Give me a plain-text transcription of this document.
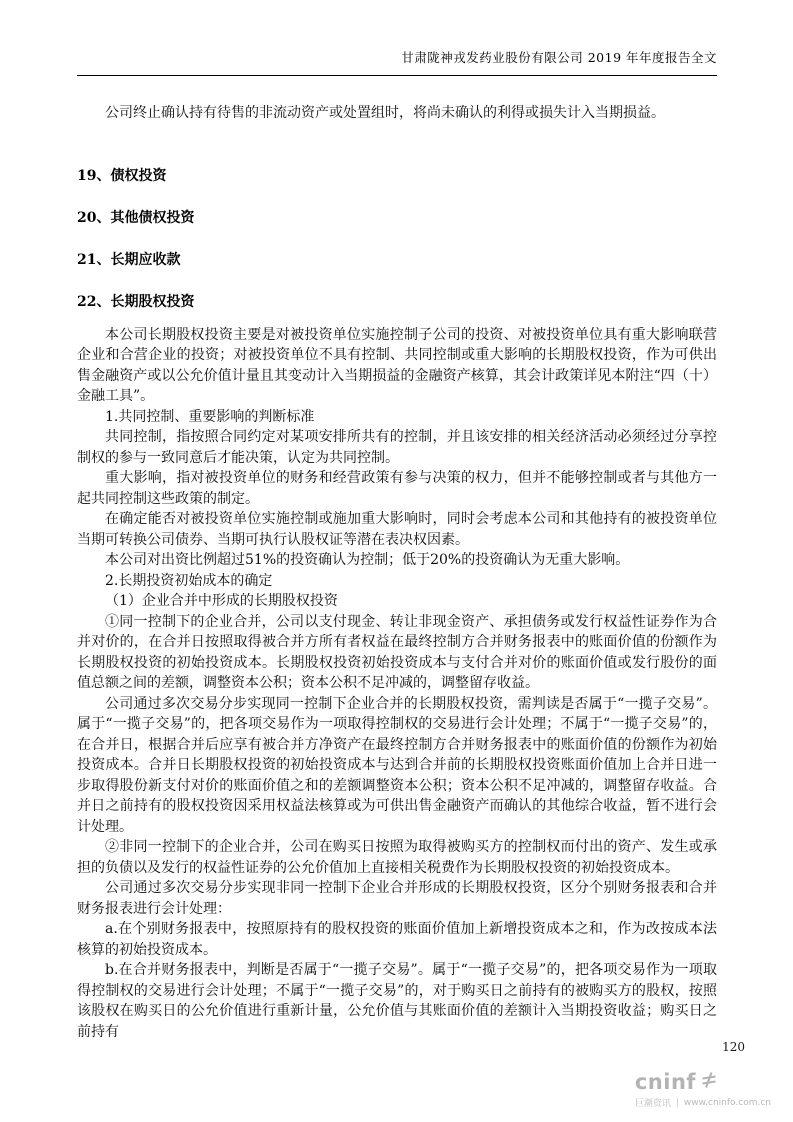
甘肃陇神戎发药业股份有限公司 2019 年年度报告全文

公司终止确认持有待售的非流动资产或处置组时，将尚未确认的利得或损失计入当期损益。

19、债权投资
20、其他债权投资
21、长期应收款
22、长期股权投资

本公司长期股权投资主要是对被投资单位实施控制子公司的投资、对被投资单位具有重大影响联营企业和合营企业的投资；对被投资单位不具有控制、共同控制或重大影响的长期股权投资，作为可供出售金融资产或以公允价值计量且其变动计入当期损益的金融资产核算，其会计政策详见本附注“四（十）金融工具”。

1.共同控制、重要影响的判断标准

共同控制，指按照合同约定对某项安排所共有的控制，并且该安排的相关经济活动必须经过分享控制权的参与一致同意后才能决策，认定为共同控制。

重大影响，指对被投资单位的财务和经营政策有参与决策的权力，但并不能够控制或者与其他方一起共同控制这些政策的制定。

在确定能否对被投资单位实施控制或施加重大影响时，同时会考虑本公司和其他持有的被投资单位当期可转换公司债券、当期可执行认股权证等潜在表决权因素。

本公司对出资比例超过51%的投资确认为控制；低于20%的投资确认为无重大影响。

2.长期投资初始成本的确定

（1）企业合并中形成的长期股权投资

①同一控制下的企业合并，公司以支付现金、转让非现金资产、承担债务或发行权益性证券作为合并对价的，在合并日按照取得被合并方所有者权益在最终控制方合并财务报表中的账面价值的份额作为长期股权投资的初始投资成本。长期股权投资初始投资成本与支付合并对价的账面价值或发行股份的面值总额之间的差额，调整资本公积；资本公积不足冲减的，调整留存收益。

公司通过多次交易分步实现同一控制下企业合并的长期股权投资，需判读是否属于“一揽子交易”。属于“一揽子交易”的，把各项交易作为一项取得控制权的交易进行会计处理；不属于“一揽子交易”的，在合并日，根据合并后应享有被合并方净资产在最终控制方合并财务报表中的账面价值的份额作为初始投资成本。合并日长期股权投资的初始投资成本与达到合并前的长期股权投资账面价值加上合并日进一步取得股份新支付对价的账面价值之和的差额调整资本公积；资本公积不足冲减的，调整留存收益。合并日之前持有的股权投资因采用权益法核算或为可供出售金融资产而确认的其他综合收益，暂不进行会计处理。

②非同一控制下的企业合并，公司在购买日按照为取得被购买方的控制权而付出的资产、发生或承担的负债以及发行的权益性证券的公允价值加上直接相关税费作为长期股权投资的初始投资成本。

公司通过多次交易分步实现非同一控制下企业合并形成的长期股权投资，区分个别财务报表和合并财务报表进行会计处理：

a.在个别财务报表中，按照原持有的股权投资的账面价值加上新增投资成本之和，作为改按成本法核算的初始投资成本。

b.在合并财务报表中，判断是否属于“一揽子交易”。属于“一揽子交易”的，把各项交易作为一项取得控制权的交易进行会计处理；不属于“一揽子交易”的，对于购买日之前持有的被购买方的股权，按照该股权在购买日的公允价值进行重新计量，公允价值与其账面价值的差额计入当期投资收益；购买日之前持有

120
cninf
巨潮资讯 | www.cninfo.com.cn
